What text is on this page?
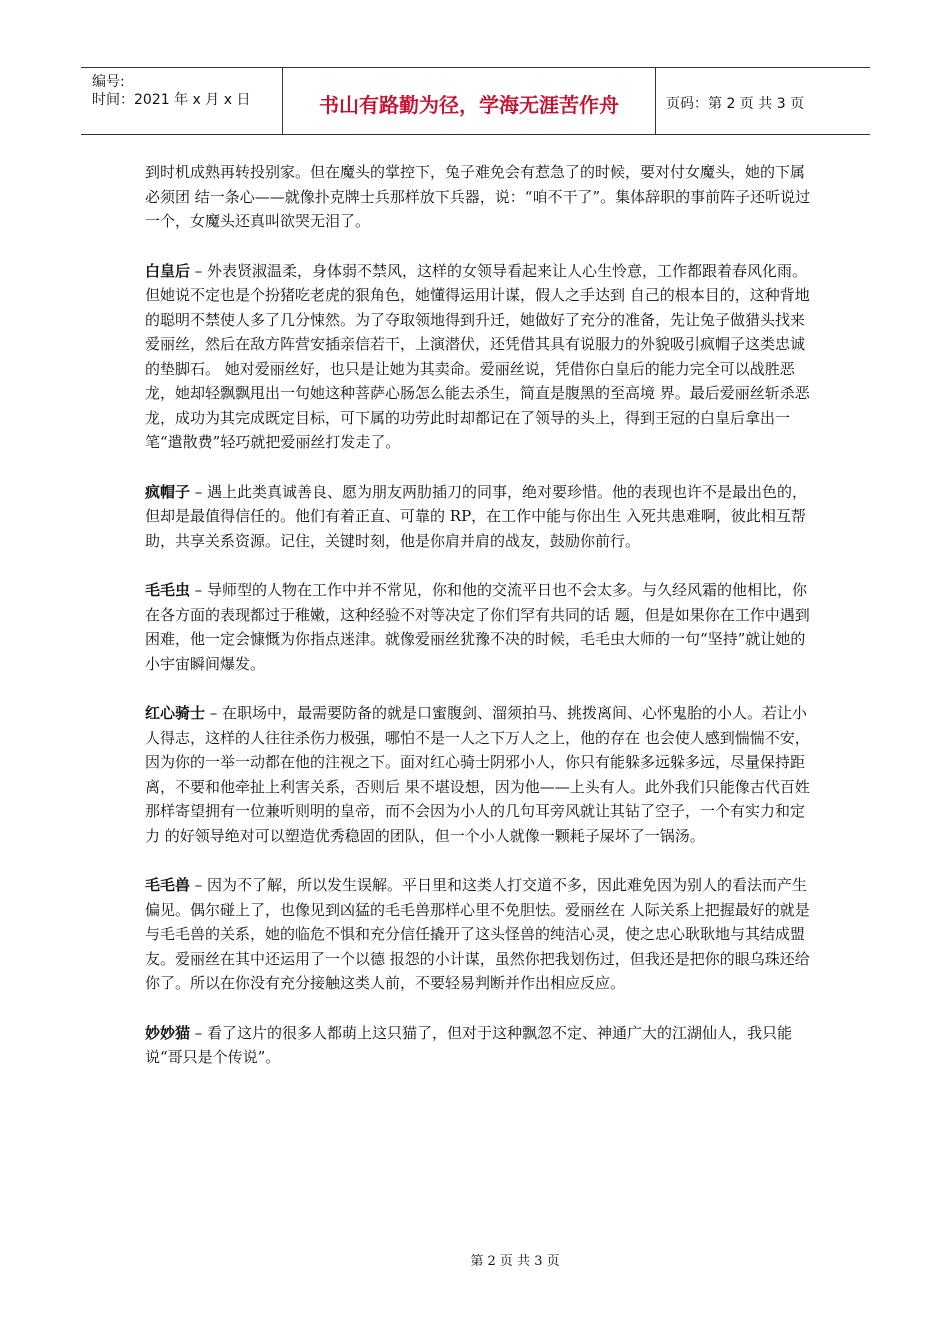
编号:
时间：2021 年 x 月 x 日	书山有路勤为径，学海无涯苦作舟	页码：第 2 页 共 3 页

到时机成熟再转投别家。但在魔头的掌控下，兔子难免会有惹急了的时候，要对付女魔头，她的下属必须团 结一条心——就像扑克牌士兵那样放下兵器，说：“咱不干了”。集体辞职的事前阵子还听说过一个，女魔头还真叫欲哭无泪了。

白皇后 – 外表贤淑温柔，身体弱不禁风，这样的女领导看起来让人心生怜意，工作都跟着春风化雨。但她说不定也是个扮猪吃老虎的狠角色，她懂得运用计谋，假人之手达到 自己的根本目的，这种背地的聪明不禁使人多了几分悚然。为了夺取领地得到升迁，她做好了充分的准备，先让兔子做猎头找来爱丽丝，然后在敌方阵营安插亲信若干，上演潜伏，还凭借其具有说服力的外貌吸引疯帽子这类忠诚的垫脚石。 她对爱丽丝好，也只是让她为其卖命。爱丽丝说，凭借你白皇后的能力完全可以战胜恶龙，她却轻飘飘甩出一句她这种菩萨心肠怎么能去杀生，简直是腹黑的至高境 界。最后爱丽丝斩杀恶龙，成功为其完成既定目标，可下属的功劳此时却都记在了领导的头上，得到王冠的白皇后拿出一笔“遣散费”轻巧就把爱丽丝打发走了。

疯帽子 – 遇上此类真诚善良、愿为朋友两肋插刀的同事，绝对要珍惜。他的表现也许不是最出色的，但却是最值得信任的。他们有着正直、可靠的 RP，在工作中能与你出生 入死共患难啊，彼此相互帮助，共享关系资源。记住，关键时刻，他是你肩并肩的战友，鼓励你前行。

毛毛虫 – 导师型的人物在工作中并不常见，你和他的交流平日也不会太多。与久经风霜的他相比，你在各方面的表现都过于稚嫩，这种经验不对等决定了你们罕有共同的话 题，但是如果你在工作中遇到困难，他一定会慷慨为你指点迷津。就像爱丽丝犹豫不决的时候，毛毛虫大师的一句“坚持”就让她的小宇宙瞬间爆发。

红心骑士 – 在职场中，最需要防备的就是口蜜腹剑、溜须拍马、挑拨离间、心怀鬼胎的小人。若让小人得志，这样的人往往杀伤力极强，哪怕不是一人之下万人之上，他的存在 也会使人感到惴惴不安，因为你的一举一动都在他的注视之下。面对红心骑士阴邪小人，你只有能躲多远躲多远，尽量保持距离，不要和他牵扯上利害关系，否则后 果不堪设想，因为他——上头有人。此外我们只能像古代百姓那样寄望拥有一位兼听则明的皇帝，而不会因为小人的几句耳旁风就让其钻了空子，一个有实力和定力 的好领导绝对可以塑造优秀稳固的团队，但一个小人就像一颗耗子屎坏了一锅汤。

毛毛兽 – 因为不了解，所以发生误解。平日里和这类人打交道不多，因此难免因为别人的看法而产生偏见。偶尔碰上了，也像见到凶猛的毛毛兽那样心里不免胆怯。爱丽丝在 人际关系上把握最好的就是与毛毛兽的关系，她的临危不惧和充分信任撬开了这头怪兽的纯洁心灵，使之忠心耿耿地与其结成盟友。爱丽丝在其中还运用了一个以德 报怨的小计谋，虽然你把我划伤过，但我还是把你的眼乌珠还给你了。所以在你没有充分接触这类人前，不要轻易判断并作出相应反应。

妙妙猫 – 看了这片的很多人都萌上这只猫了，但对于这种飘忽不定、神通广大的江湖仙人，我只能说“哥只是个传说”。

第 2 页 共 3 页
